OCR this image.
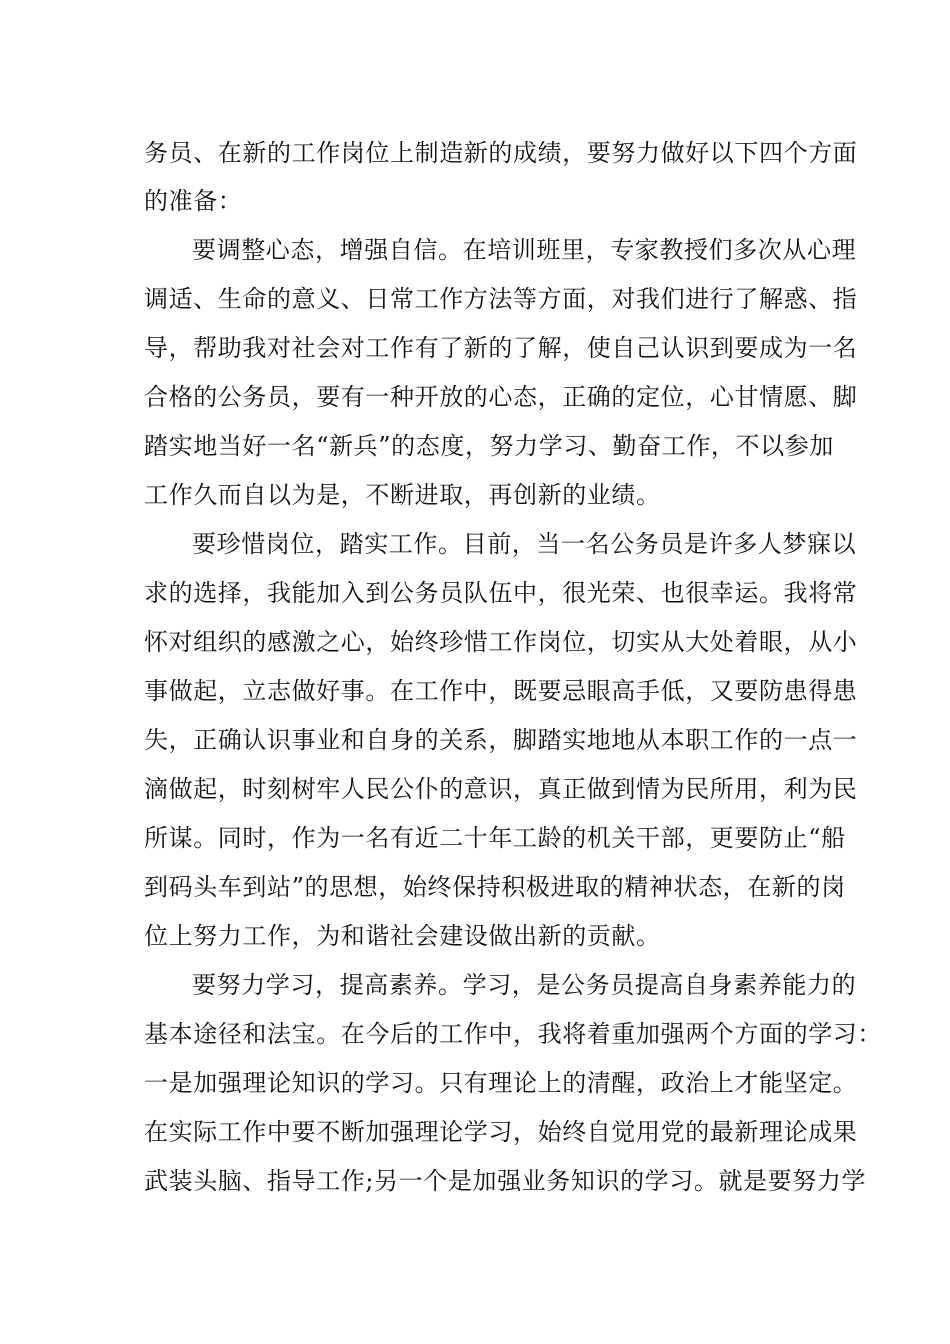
务员、在新的工作岗位上制造新的成绩，要努力做好以下四个方面
的准备：
要调整心态，增强自信。在培训班里，专家教授们多次从心理
调适、生命的意义、日常工作方法等方面，对我们进行了解惑、指
导，帮助我对社会对工作有了新的了解，使自己认识到要成为一名
合格的公务员，要有一种开放的心态，正确的定位，心甘情愿、脚
踏实地当好一名“新兵”的态度，努力学习、勤奋工作，不以参加
工作久而自以为是，不断进取，再创新的业绩。
要珍惜岗位，踏实工作。目前，当一名公务员是许多人梦寐以
求的选择，我能加入到公务员队伍中，很光荣、也很幸运。我将常
怀对组织的感激之心，始终珍惜工作岗位，切实从大处着眼，从小
事做起，立志做好事。在工作中，既要忌眼高手低，又要防患得患
失，正确认识事业和自身的关系，脚踏实地地从本职工作的一点一
滴做起，时刻树牢人民公仆的意识，真正做到情为民所用，利为民
所谋。同时，作为一名有近二十年工龄的机关干部，更要防止“船
到码头车到站”的思想，始终保持积极进取的精神状态，在新的岗
位上努力工作，为和谐社会建设做出新的贡献。
要努力学习，提高素养。学习，是公务员提高自身素养能力的
基本途径和法宝。在今后的工作中，我将着重加强两个方面的学习：
一是加强理论知识的学习。只有理论上的清醒，政治上才能坚定。
在实际工作中要不断加强理论学习，始终自觉用党的最新理论成果
武装头脑、指导工作;另一个是加强业务知识的学习。就是要努力学
